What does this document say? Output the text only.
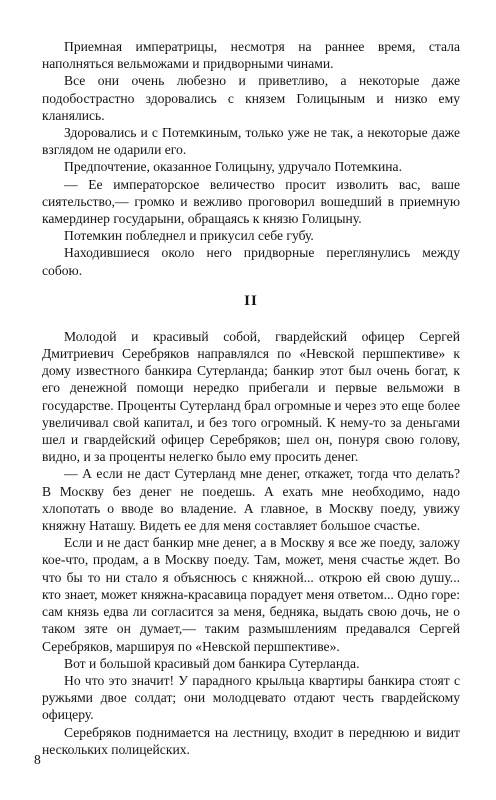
Приемная императрицы, несмотря на раннее время, стала наполняться вельможами и придворными чинами.

Все они очень любезно и приветливо, а некоторые даже подобострастно здоровались с князем Голицыным и низко ему кланялись.

Здоровались и с Потемкиным, только уже не так, а некоторые даже взглядом не одарили его.

Предпочтение, оказанное Голицыну, удручало Потемкина.

— Ее императорское величество просит изволить вас, ваше сиятельство,— громко и вежливо проговорил вошедший в приемную камердинер государыни, обращаясь к князю Голицыну.

Потемкин побледнел и прикусил себе губу.

Находившиеся около него придворные переглянулись между собою.

II

Молодой и красивый собой, гвардейский офицер Сергей Дмитриевич Серебряков направлялся по «Невской першпективе» к дому известного банкира Сутерланда; банкир этот был очень богат, к его денежной помощи нередко прибегали и первые вельможи в государстве. Проценты Сутерланд брал огромные и через это еще более увеличивал свой капитал, и без того огромный. К нему-то за деньгами шел и гвардейский офицер Серебряков; шел он, понуря свою голову, видно, и за проценты нелегко было ему просить денег.

— А если не даст Сутерланд мне денег, откажет, тогда что делать? В Москву без денег не поедешь. А ехать мне необходимо, надо хлопотать о вводе во владение. А главное, в Москву поеду, увижу княжну Наташу. Видеть ее для меня составляет большое счастье.

Если и не даст банкир мне денег, а в Москву я все же поеду, заложу кое-что, продам, а в Москву поеду. Там, может, меня счастье ждет. Во что бы то ни стало я объяснюсь с княжной... открою ей свою душу... кто знает, может княжна-красавица порадует меня ответом... Одно горе: сам князь едва ли согласится за меня, бедняка, выдать свою дочь, не о таком зяте он думает,— таким размышлениям предавался Сергей Серебряков, маршируя по «Невской першпективе».

Вот и большой красивый дом банкира Сутерланда.

Но что это значит! У парадного крыльца квартиры банкира стоят с ружьями двое солдат; они молодцевато отдают честь гвардейскому офицеру.

Серебряков поднимается на лестницу, входит в переднюю и видит нескольких полицейских.

8
